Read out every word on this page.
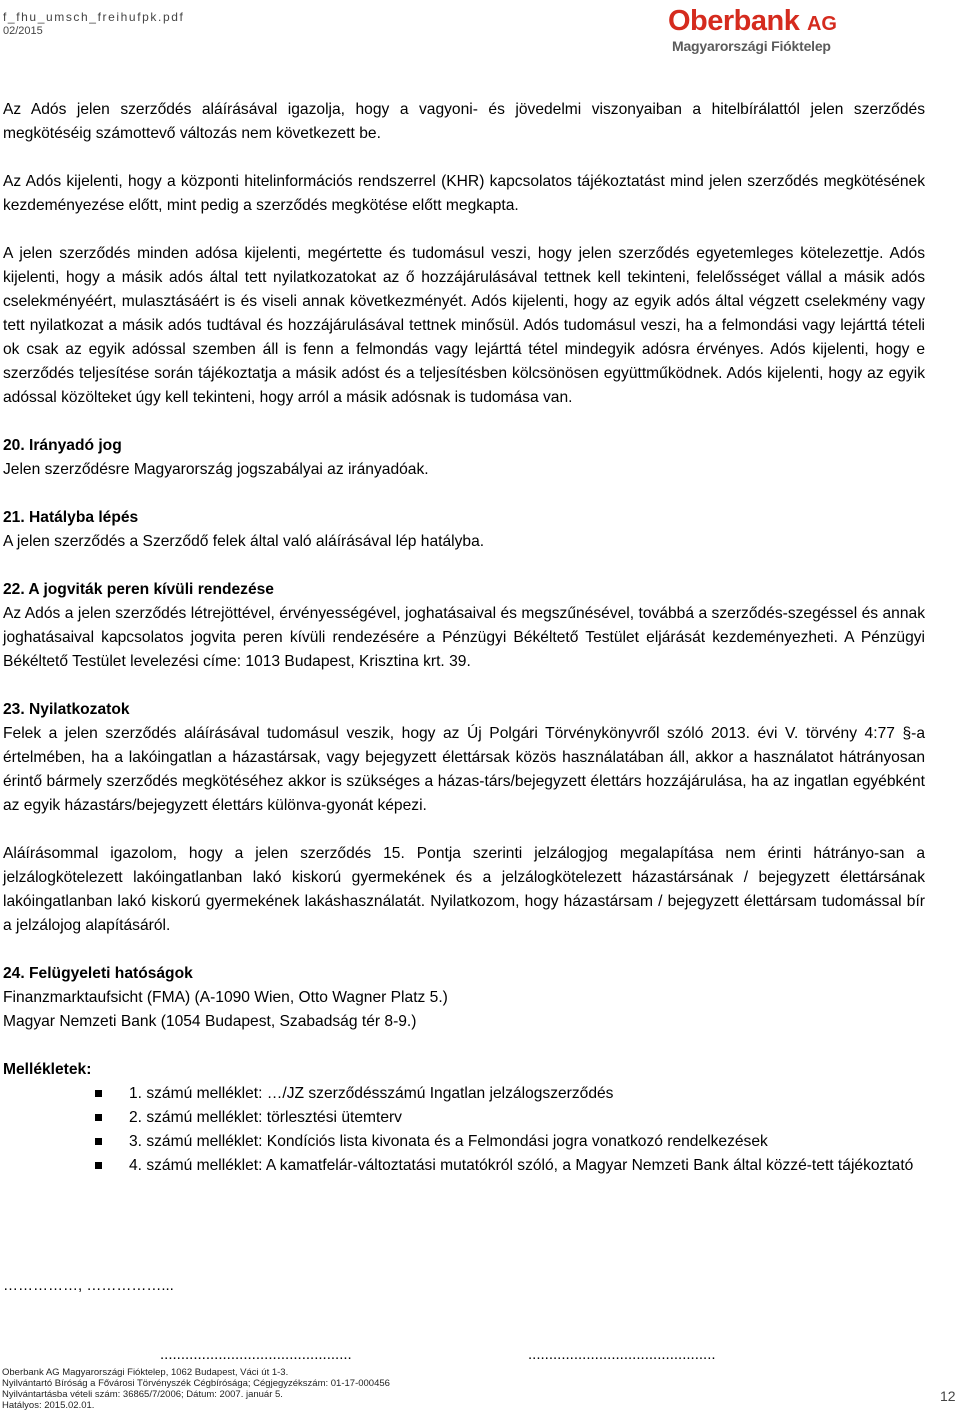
f_fhu_umsch_freihufpk.pdf
02/2015	Oberbank AG
Magyarországi Fióktelep

Az Adós jelen szerződés aláírásával igazolja, hogy a vagyoni- és jövedelmi viszonyaiban a hitelbírálattól jelen szerződés megkötéséig számottevő változás nem következett be.

Az Adós kijelenti, hogy a központi hitelinformációs rendszerrel (KHR) kapcsolatos tájékoztatást mind jelen szerződés megkötésének kezdeményezése előtt, mint pedig a szerződés megkötése előtt megkapta.

A jelen szerződés minden adósa kijelenti, megértette és tudomásul veszi, hogy jelen szerződés egyetemleges kötelezettje. Adós kijelenti, hogy a másik adós által tett nyilatkozatokat az ő hozzájárulásával tettnek kell tekinteni, felelősséget vállal a másik adós cselekményéért, mulasztásáért is és viseli annak következményét. Adós kijelenti, hogy az egyik adós által végzett cselekmény vagy tett nyilatkozat a másik adós tudtával és hozzájárulásával tettnek minősül. Adós tudomásul veszi, ha a felmondási vagy lejárttá tételi ok csak az egyik adóssal szemben áll is fenn a felmondás vagy lejárttá tétel mindegyik adósra érvényes. Adós kijelenti, hogy e szerződés teljesítése során tájékoztatja a másik adóst és a teljesítésben kölcsönösen együttműködnek. Adós kijelenti, hogy az egyik adóssal közölteket úgy kell tekinteni, hogy arról a másik adósnak is tudomása van.

20. Irányadó jog

Jelen szerződésre Magyarország jogszabályai az irányadóak.

21. Hatályba lépés

A jelen szerződés a Szerződő felek által való aláírásával lép hatályba.

22. A jogviták peren kívüli rendezése

Az Adós a jelen szerződés létrejöttével, érvényességével, joghatásaival és megszűnésével, továbbá a szerződés-szegéssel és annak joghatásaival kapcsolatos jogvita peren kívüli rendezésére a Pénzügyi Békéltető Testület eljárását kezdeményezheti. A Pénzügyi Békéltető Testület levelezési címe: 1013 Budapest, Krisztina krt. 39.

23. Nyilatkozatok

Felek a jelen szerződés aláírásával tudomásul veszik, hogy az Új Polgári Törvénykönyvről szóló 2013. évi V. törvény 4:77 §-a értelmében, ha a lakóingatlan a házastársak, vagy bejegyzett élettársak közös használatában áll, akkor a használatot hátrányosan érintő bármely szerződés megkötéséhez akkor is szükséges a házas-társ/bejegyzett élettárs hozzájárulása, ha az ingatlan egyébként az egyik házastárs/bejegyzett élettárs különva-gyonát képezi.

Aláírásommal igazolom, hogy a jelen szerződés 15. Pontja szerinti jelzálogjog megalapítása nem érinti hátrányo-san a jelzálogkötelezett lakóingatlanban lakó kiskorú gyermekének és a jelzálogkötelezett házastársának / bejegyzett élettársának lakóingatlanban lakó kiskorú gyermekének lakáshasználatát. Nyilatkozom, hogy házastársam / bejegyzett élettársam tudomással bír a jelzálojog alapításáról.

24. Felügyeleti hatóságok

Finanzmarktaufsicht (FMA) (A-1090 Wien, Otto Wagner Platz 5.)

Magyar Nemzeti Bank (1054 Budapest, Szabadság tér 8-9.)

Mellékletek:

1. számú melléklet: …/JZ szerződésszámú Ingatlan jelzálogszerződés
2. számú melléklet: törlesztési ütemterv
3. számú melléklet: Kondíciós lista kivonata és a Felmondási jogra vonatkozó rendelkezések
4. számú melléklet: A kamatfelár-változtatási mutatókról szóló, a Magyar Nemzeti Bank által közzé-tett tájékoztató
……………, ……………...
..............................................	.............................................
Oberbank AG Magyarországi Fióktelep, 1062 Budapest, Váci út 1-3.
Nyilvántartó Bíróság a Fővárosi Törvényszék Cégbírósága; Cégjegyzékszám: 01-17-000456
Nyilvántartásba vételi szám: 36865/7/2006; Dátum: 2007. január 5.
Hatályos: 2015.02.01.
12
